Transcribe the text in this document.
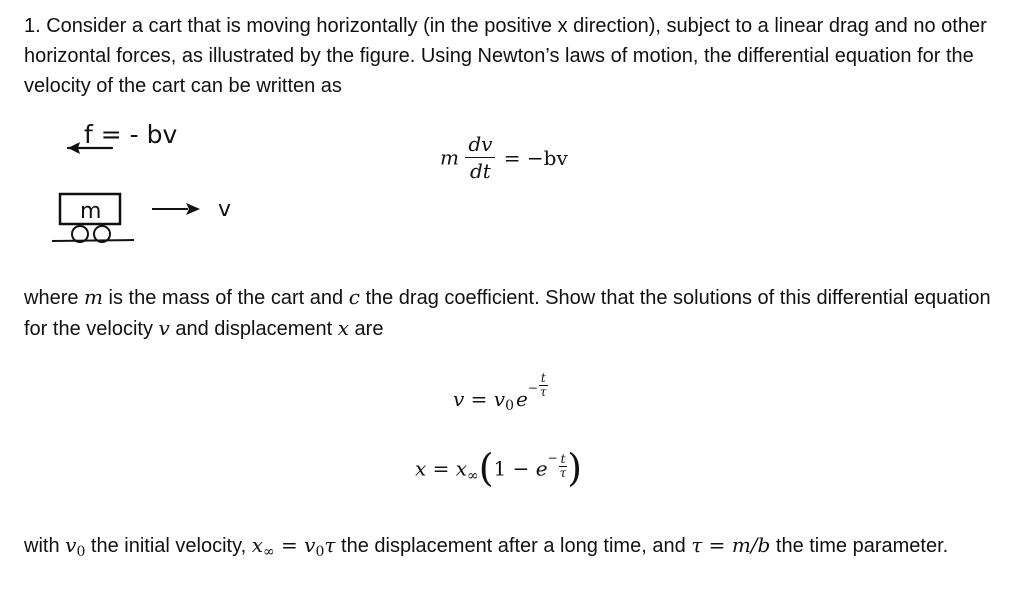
1. Consider a cart that is moving horizontally (in the positive x direction), subject to a linear drag and no other horizontal forces, as illustrated by the figure. Using Newton’s laws of motion, the differential equation for the velocity of the cart can be written as
f = - bv
m	v
m $\frac{dv}{dt} = -bv$
where m is the mass of the cart and c the drag coefficient. Show that the solutions of this differential equation for the velocity v and displacement x are
$v = v_0$ $e^- \frac{t}{\tau}$
$x = x_\infty(1 - e^- \frac{t}{\tau}$ )
with $v_0$ the initial velocity, $x_\infty = v_0\tau$ the displacement after a long time, and τ = m/b the time parameter.
